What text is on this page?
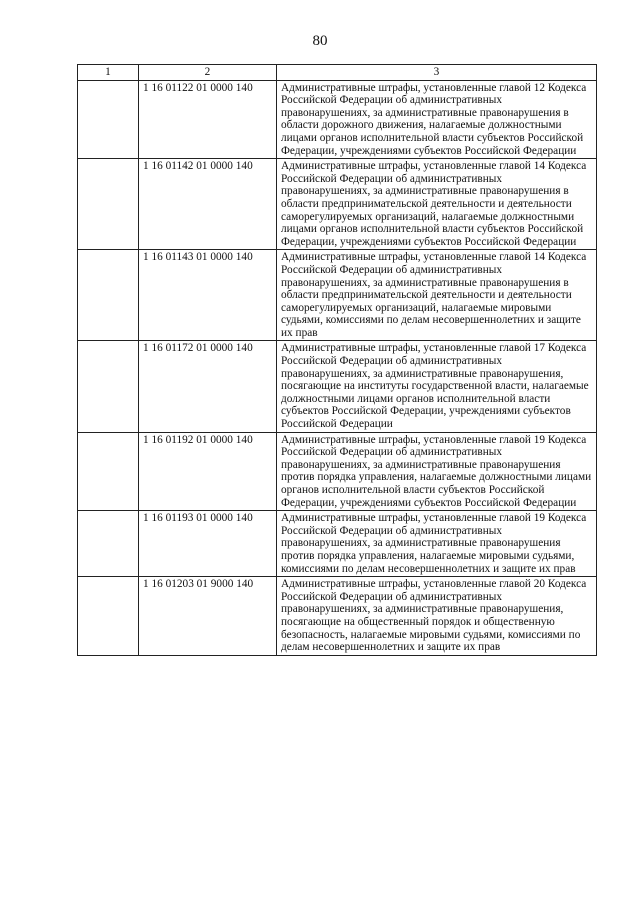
80
1	2	3
	1 16 01122 01 0000 140	Административные штрафы, установленные главой 12 Кодекса Российской Федерации об административных правонарушениях, за административные правонарушения в области дорожного движения, налагаемые должностными лицами органов исполнительной власти субъектов Российской Федерации, учреждениями субъектов Российской Федерации
	1 16 01142 01 0000 140	Административные штрафы, установленные главой 14 Кодекса Российской Федерации об административных правонарушениях, за административные правонарушения в области предпринимательской деятельности и деятельности саморегулируемых организаций, налагаемые должностными лицами органов исполнительной власти субъектов Российской Федерации, учреждениями субъектов Российской Федерации
	1 16 01143 01 0000 140	Административные штрафы, установленные главой 14 Кодекса Российской Федерации об административных правонарушениях, за административные правонарушения в области предпринимательской деятельности и деятельности саморегулируемых организаций, налагаемые мировыми судьями, комиссиями по делам несовершеннолетних и защите их прав
	1 16 01172 01 0000 140	Административные штрафы, установленные главой 17 Кодекса Российской Федерации об административных правонарушениях, за административные правонарушения, посягающие на институты государственной власти, налагаемые должностными лицами органов исполнительной власти субъектов Российской Федерации, учреждениями субъектов Российской Федерации
	1 16 01192 01 0000 140	Административные штрафы, установленные главой 19 Кодекса Российской Федерации об административных правонарушениях, за административные правонарушения против порядка управления, налагаемые должностными лицами органов исполнительной власти субъектов Российской Федерации, учреждениями субъектов Российской Федерации
	1 16 01193 01 0000 140	Административные штрафы, установленные главой 19 Кодекса Российской Федерации об административных правонарушениях, за административные правонарушения против порядка управления, налагаемые мировыми судьями, комиссиями по делам несовершеннолетних и защите их прав
	1 16 01203 01 9000 140	Административные штрафы, установленные главой 20 Кодекса Российской Федерации об административных правонарушениях, за административные правонарушения, посягающие на общественный порядок и общественную безопасность, налагаемые мировыми судьями, комиссиями по делам несовершеннолетних и защите их прав
